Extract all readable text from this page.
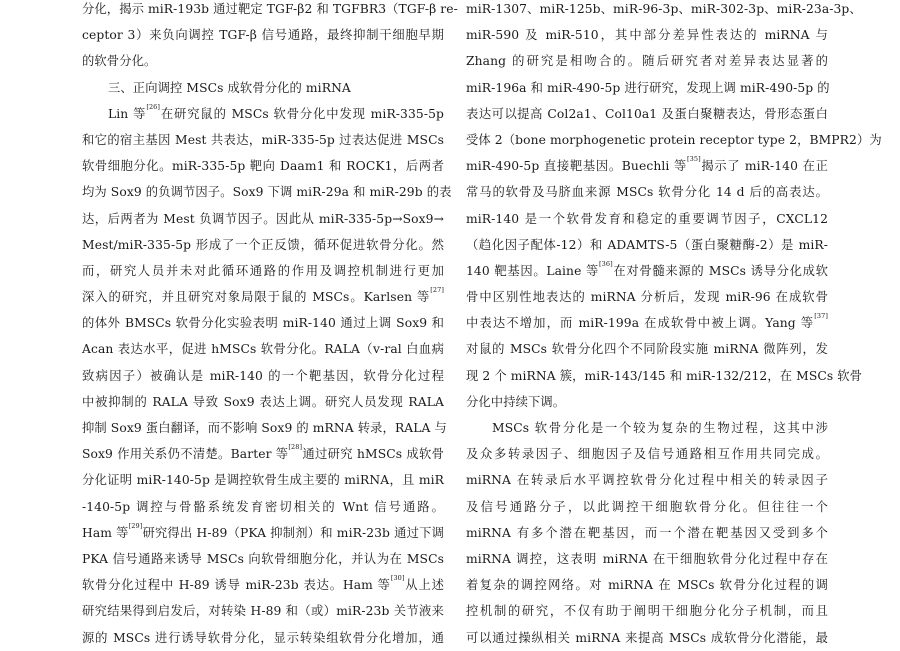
分化，揭示 miR-193b 通过靶定 TGF-β2 和 TGFBR3（TGF-β re-
ceptor 3）来负向调控 TGF-β 信号通路，最终抑制干细胞早期
的软骨分化。
三、正向调控 MSCs 成软骨分化的 miRNA
Lin 等[26]在研究鼠的 MSCs 软骨分化中发现 miR-335-5p
和它的宿主基因 Mest 共表达，miR-335-5p 过表达促进 MSCs
软骨细胞分化。miR-335-5p 靶向 Daam1 和 ROCK1，后两者
均为 Sox9 的负调节因子。Sox9 下调 miR-29a 和 miR-29b 的表
达，后两者为 Mest 负调节因子。因此从 miR-335-5p→Sox9→
Mest/miR-335-5p 形成了一个正反馈，循环促进软骨分化。然
而，研究人员并未对此循环通路的作用及调控机制进行更加
深入的研究，并且研究对象局限于鼠的 MSCs。Karlsen 等[27]
的体外 BMSCs 软骨分化实验表明 miR-140 通过上调 Sox9 和
Acan 表达水平，促进 hMSCs 软骨分化。RALA（v-ral 白血病
致病因子）被确认是 miR-140 的一个靶基因，软骨分化过程
中被抑制的 RALA 导致 Sox9 表达上调。研究人员发现 RALA
抑制 Sox9 蛋白翻译，而不影响 Sox9 的 mRNA 转录，RALA 与
Sox9 作用关系仍不清楚。Barter 等[28]通过研究 hMSCs 成软骨
分化证明 miR-140-5p 是调控软骨生成主要的 miRNA，且 miR
-140-5p 调控与骨骼系统发育密切相关的 Wnt 信号通路。
Ham 等[29]研究得出 H-89（PKA 抑制剂）和 miR-23b 通过下调
PKA 信号通路来诱导 MSCs 向软骨细胞分化，并认为在 MSCs
软骨分化过程中 H-89 诱导 miR-23b 表达。Ham 等[30]从上述
研究结果得到启发后，对转染 H-89 和（或）miR-23b 关节液来
源的 MSCs 进行诱导软骨分化，显示转染组软骨分化增加，通
miR-1307、miR-125b、miR-96-3p、miR-302-3p、miR-23a-3p、
miR-590 及 miR-510，其中部分差异性表达的 miRNA 与
Zhang 的研究是相吻合的。随后研究者对差异表达显著的
miR-196a 和 miR-490-5p 进行研究，发现上调 miR-490-5p 的
表达可以提高 Col2a1、Col10a1 及蛋白聚糖表达，骨形态蛋白
受体 2（bone morphogenetic protein receptor type 2，BMPR2）为
miR-490-5p 直接靶基因。Buechli 等[35]揭示了 miR-140 在正
常马的软骨及马脐血来源 MSCs 软骨分化 14 d 后的高表达。
miR-140 是一个软骨发育和稳定的重要调节因子，CXCL12
（趋化因子配体-12）和 ADAMTS-5（蛋白聚糖酶-2）是 miR-
140 靶基因。Laine 等[36]在对骨髓来源的 MSCs 诱导分化成软
骨中区别性地表达的 miRNA 分析后，发现 miR-96 在成软骨
中表达不增加，而 miR-199a 在成软骨中被上调。Yang 等[37]
对鼠的 MSCs 软骨分化四个不同阶段实施 miRNA 微阵列，发
现 2 个 miRNA 簇，miR-143/145 和 miR-132/212，在 MSCs 软骨
分化中持续下调。
MSCs 软骨分化是一个较为复杂的生物过程，这其中涉
及众多转录因子、细胞因子及信号通路相互作用共同完成。
miRNA 在转录后水平调控软骨分化过程中相关的转录因子
及信号通路分子，以此调控干细胞软骨分化。但往往一个
miRNA 有多个潜在靶基因，而一个潜在靶基因又受到多个
miRNA 调控，这表明 miRNA 在干细胞软骨分化过程中存在
着复杂的调控网络。对 miRNA 在 MSCs 软骨分化过程的调
控机制的研究，不仅有助于阐明干细胞分化分子机制，而且
可以通过操纵相关 miRNA 来提高 MSCs 成软骨分化潜能，最
